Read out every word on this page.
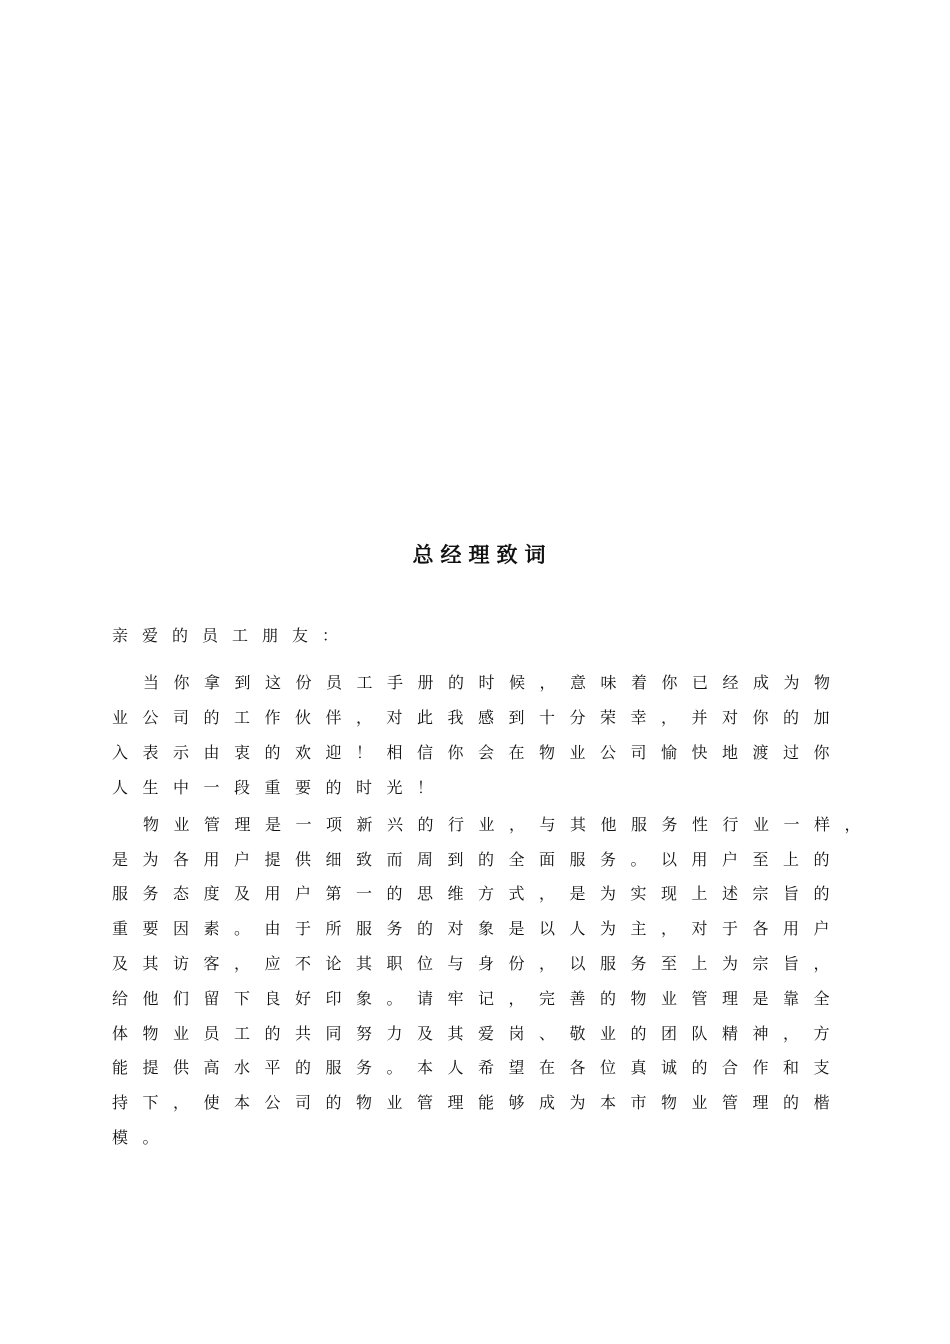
总经理致词
亲爱的员工朋友：
当你拿到这份员工手册的时候，意味着你已经成为物
业公司的工作伙伴，对此我感到十分荣幸，并对你的加
入表示由衷的欢迎！相信你会在物业公司愉快地渡过你
人生中一段重要的时光！
物业管理是一项新兴的行业，与其他服务性行业一样，
是为各用户提供细致而周到的全面服务。以用户至上的
服务态度及用户第一的思维方式，是为实现上述宗旨的
重要因素。由于所服务的对象是以人为主，对于各用户
及其访客，应不论其职位与身份，以服务至上为宗旨，
给他们留下良好印象。请牢记，完善的物业管理是靠全
体物业员工的共同努力及其爱岗、敬业的团队精神，方
能提供高水平的服务。本人希望在各位真诚的合作和支
持下，使本公司的物业管理能够成为本市物业管理的楷
模。
